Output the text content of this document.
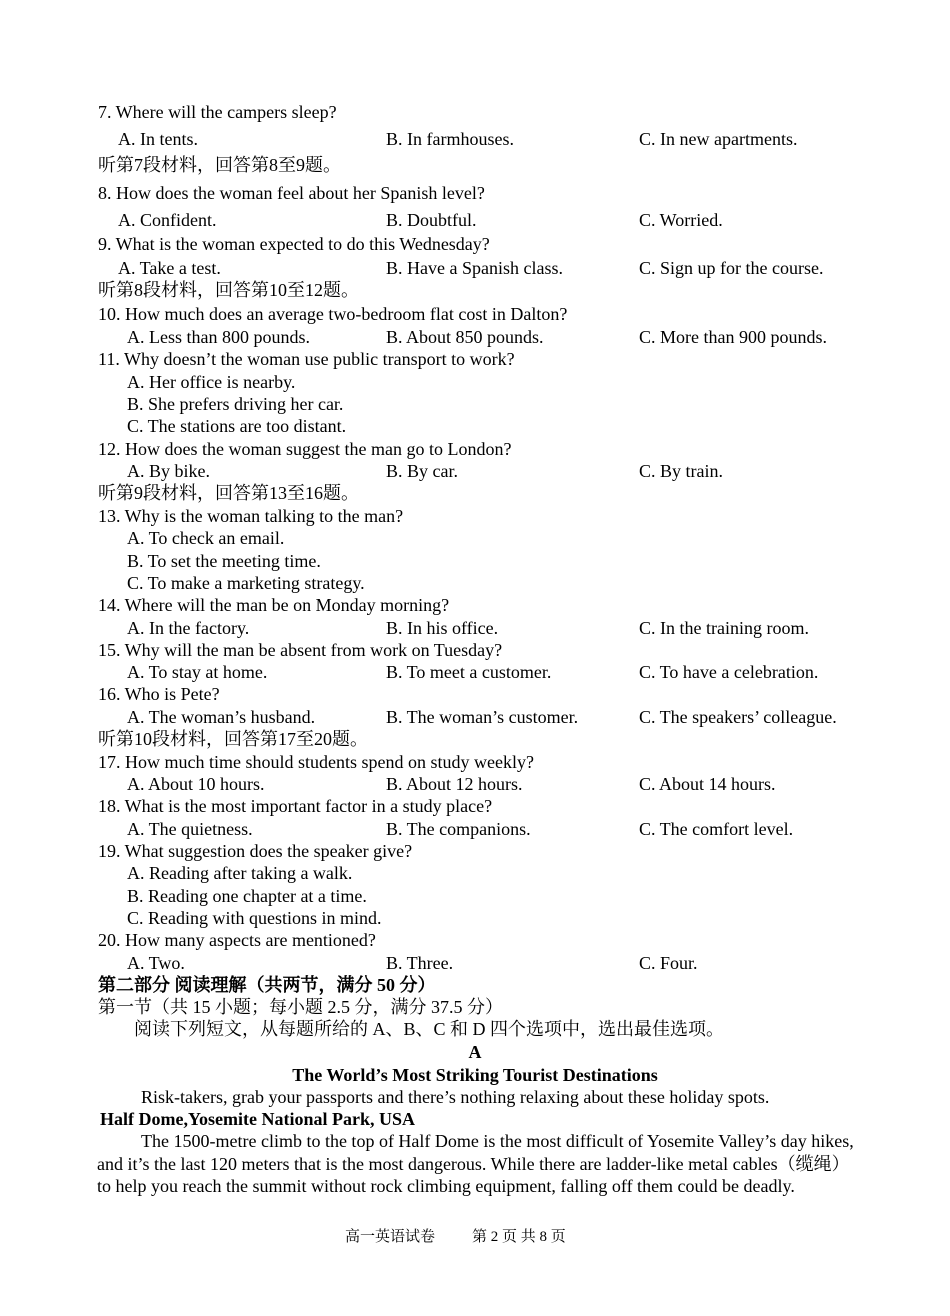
7. Where will the campers sleep?
A. In tents.	B. In farmhouses.	C. In new apartments.
听第7段材料，回答第8至9题。
8. How does the woman feel about her Spanish level?
A. Confident.	B. Doubtful.	C. Worried.
9. What is the woman expected to do this Wednesday?
A. Take a test.	B. Have a Spanish class.	C. Sign up for the course.
听第8段材料，回答第10至12题。
10. How much does an average two-bedroom flat cost in Dalton?
A. Less than 800 pounds.	B. About 850 pounds.	C. More than 900 pounds.
11. Why doesn’t the woman use public transport to work?
A. Her office is nearby.
B. She prefers driving her car.
C. The stations are too distant.
12. How does the woman suggest the man go to London?
A. By bike.	B. By car.	C. By train.
听第9段材料，回答第13至16题。
13. Why is the woman talking to the man?
A. To check an email.
B. To set the meeting time.
C. To make a marketing strategy.
14. Where will the man be on Monday morning?
A. In the factory.	B. In his office.	C. In the training room.
15. Why will the man be absent from work on Tuesday?
A. To stay at home.	B. To meet a customer.	C. To have a celebration.
16. Who is Pete?
A. The woman’s husband.	B. The woman’s customer.	C. The speakers’ colleague.
听第10段材料，回答第17至20题。
17. How much time should students spend on study weekly?
A. About 10 hours.	B. About 12 hours.	C. About 14 hours.
18. What is the most important factor in a study place?
A. The quietness.	B. The companions.	C. The comfort level.
19. What suggestion does the speaker give?
A. Reading after taking a walk.
B. Reading one chapter at a time.
C. Reading with questions in mind.
20. How many aspects are mentioned?
A. Two.	B. Three.	C. Four.
第二部分 阅读理解（共两节，满分 50 分）
第一节（共 15 小题；每小题 2.5 分，满分 37.5 分）
阅读下列短文，从每题所给的 A、B、C 和 D 四个选项中，选出最佳选项。
A
The World’s Most Striking Tourist Destinations
Risk-takers, grab your passports and there’s nothing relaxing about these holiday spots.
Half Dome,Yosemite National Park, USA
The 1500-metre climb to the top of Half Dome is the most difficult of Yosemite Valley’s day hikes,
and it’s the last 120 meters that is the most dangerous. While there are ladder-like metal cables（缆绳）
to help you reach the summit without rock climbing equipment, falling off them could be deadly.
高一英语试卷 第 2 页 共 8 页
